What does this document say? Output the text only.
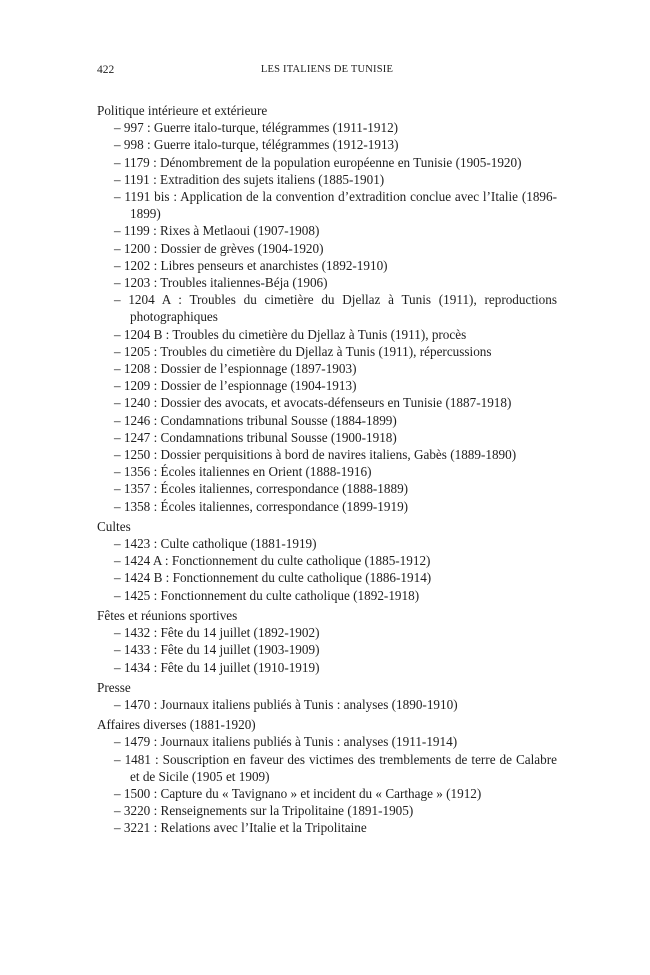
422	LES ITALIENS DE TUNISIE
Politique intérieure et extérieure
– 997 : Guerre italo-turque, télégrammes (1911-1912)
– 998 : Guerre italo-turque, télégrammes (1912-1913)
– 1179 : Dénombrement de la population européenne en Tunisie (1905-1920)
– 1191 : Extradition des sujets italiens (1885-1901)
– 1191 bis : Application de la convention d’extradition conclue avec l’Italie (1896-1899)
– 1199 : Rixes à Metlaoui (1907-1908)
– 1200 : Dossier de grèves (1904-1920)
– 1202 : Libres penseurs et anarchistes (1892-1910)
– 1203 : Troubles italiennes-Béja (1906)
– 1204 A : Troubles du cimetière du Djellaz à Tunis (1911), reproductions photographiques
– 1204 B : Troubles du cimetière du Djellaz à Tunis (1911), procès
– 1205 : Troubles du cimetière du Djellaz à Tunis (1911), répercussions
– 1208 : Dossier de l’espionnage (1897-1903)
– 1209 : Dossier de l’espionnage (1904-1913)
– 1240 : Dossier des avocats, et avocats-défenseurs en Tunisie (1887-1918)
– 1246 : Condamnations tribunal Sousse (1884-1899)
– 1247 : Condamnations tribunal Sousse (1900-1918)
– 1250 : Dossier perquisitions à bord de navires italiens, Gabès (1889-1890)
– 1356 : Écoles italiennes en Orient (1888-1916)
– 1357 : Écoles italiennes, correspondance (1888-1889)
– 1358 : Écoles italiennes, correspondance (1899-1919)
Cultes
– 1423 : Culte catholique (1881-1919)
– 1424 A : Fonctionnement du culte catholique (1885-1912)
– 1424 B : Fonctionnement du culte catholique (1886-1914)
– 1425 : Fonctionnement du culte catholique (1892-1918)
Fêtes et réunions sportives
– 1432 : Fête du 14 juillet (1892-1902)
– 1433 : Fête du 14 juillet (1903-1909)
– 1434 : Fête du 14 juillet (1910-1919)
Presse
– 1470 : Journaux italiens publiés à Tunis : analyses (1890-1910)
Affaires diverses (1881-1920)
– 1479 : Journaux italiens publiés à Tunis : analyses (1911-1914)
– 1481 : Souscription en faveur des victimes des tremblements de terre de Calabre et de Sicile (1905 et 1909)
– 1500 : Capture du « Tavignano » et incident du « Carthage » (1912)
– 3220 : Renseignements sur la Tripolitaine (1891-1905)
– 3221 : Relations avec l’Italie et la Tripolitaine
